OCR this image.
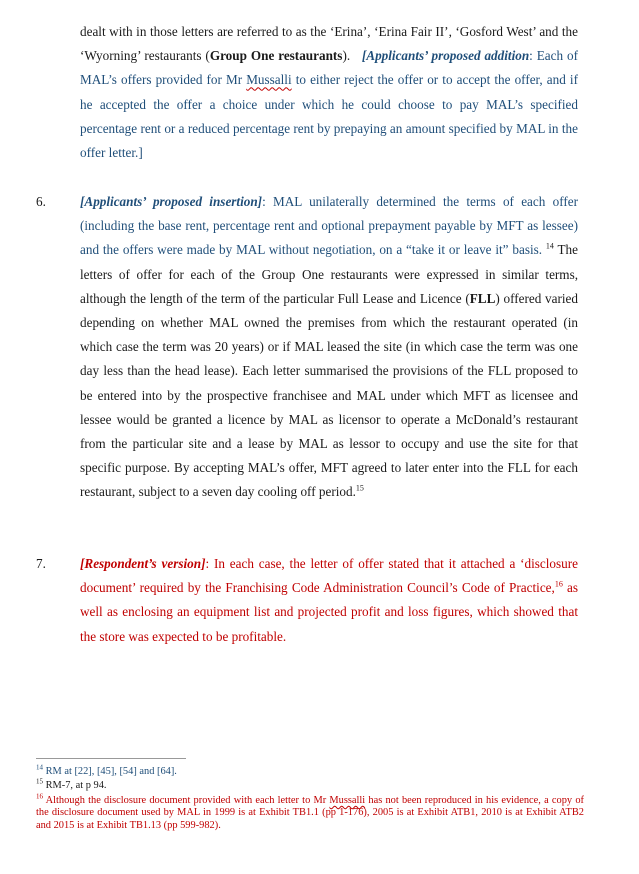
dealt with in those letters are referred to as the ‘Erina’, ‘Erina Fair II’, ‘Gosford West’ and the ‘Wyorning’ restaurants (Group One restaurants). [Applicants’ proposed addition: Each of MAL’s offers provided for Mr Mussalli to either reject the offer or to accept the offer, and if he accepted the offer a choice under which he could choose to pay MAL’s specified percentage rent or a reduced percentage rent by prepaying an amount specified by MAL in the offer letter.]
6.	[Applicants’ proposed insertion]: MAL unilaterally determined the terms of each offer (including the base rent, percentage rent and optional prepayment payable by MFT as lessee) and the offers were made by MAL without negotiation, on a “take it or leave it” basis. $^{14}$ The letters of offer for each of the Group One restaurants were expressed in similar terms, although the length of the term of the particular Full Lease and Licence (FLL) offered varied depending on whether MAL owned the premises from which the restaurant operated (in which case the term was 20 years) or if MAL leased the site (in which case the term was one day less than the head lease). Each letter summarised the provisions of the FLL proposed to be entered into by the prospective franchisee and MAL under which MFT as licensee and lessee would be granted a licence by MAL as licensor to operate a McDonald’s restaurant from the particular site and a lease by MAL as lessor to occupy and use the site for that specific purpose. By accepting MAL’s offer, MFT agreed to later enter into the FLL for each restaurant, subject to a seven day cooling off period.$^{15}$
7.	[Respondent’s version]: In each case, the letter of offer stated that it attached a ‘disclosure document’ required by the Franchising Code Administration Council’s Code of Practice,$^{16}$ as well as enclosing an equipment list and projected profit and loss figures, which showed that the store was expected to be profitable.
$^{14}$ RM at [22], [45], [54] and [64].
$^{15}$ RM-7, at p 94.
$^{16}$ Although the disclosure document provided with each letter to Mr Mussalli has not been reproduced in his evidence, a copy of the disclosure document used by MAL in 1999 is at Exhibit TB1.1 (pp 1-176), 2005 is at Exhibit ATB1, 2010 is at Exhibit ATB2 and 2015 is at Exhibit TB1.13 (pp 599-982).
